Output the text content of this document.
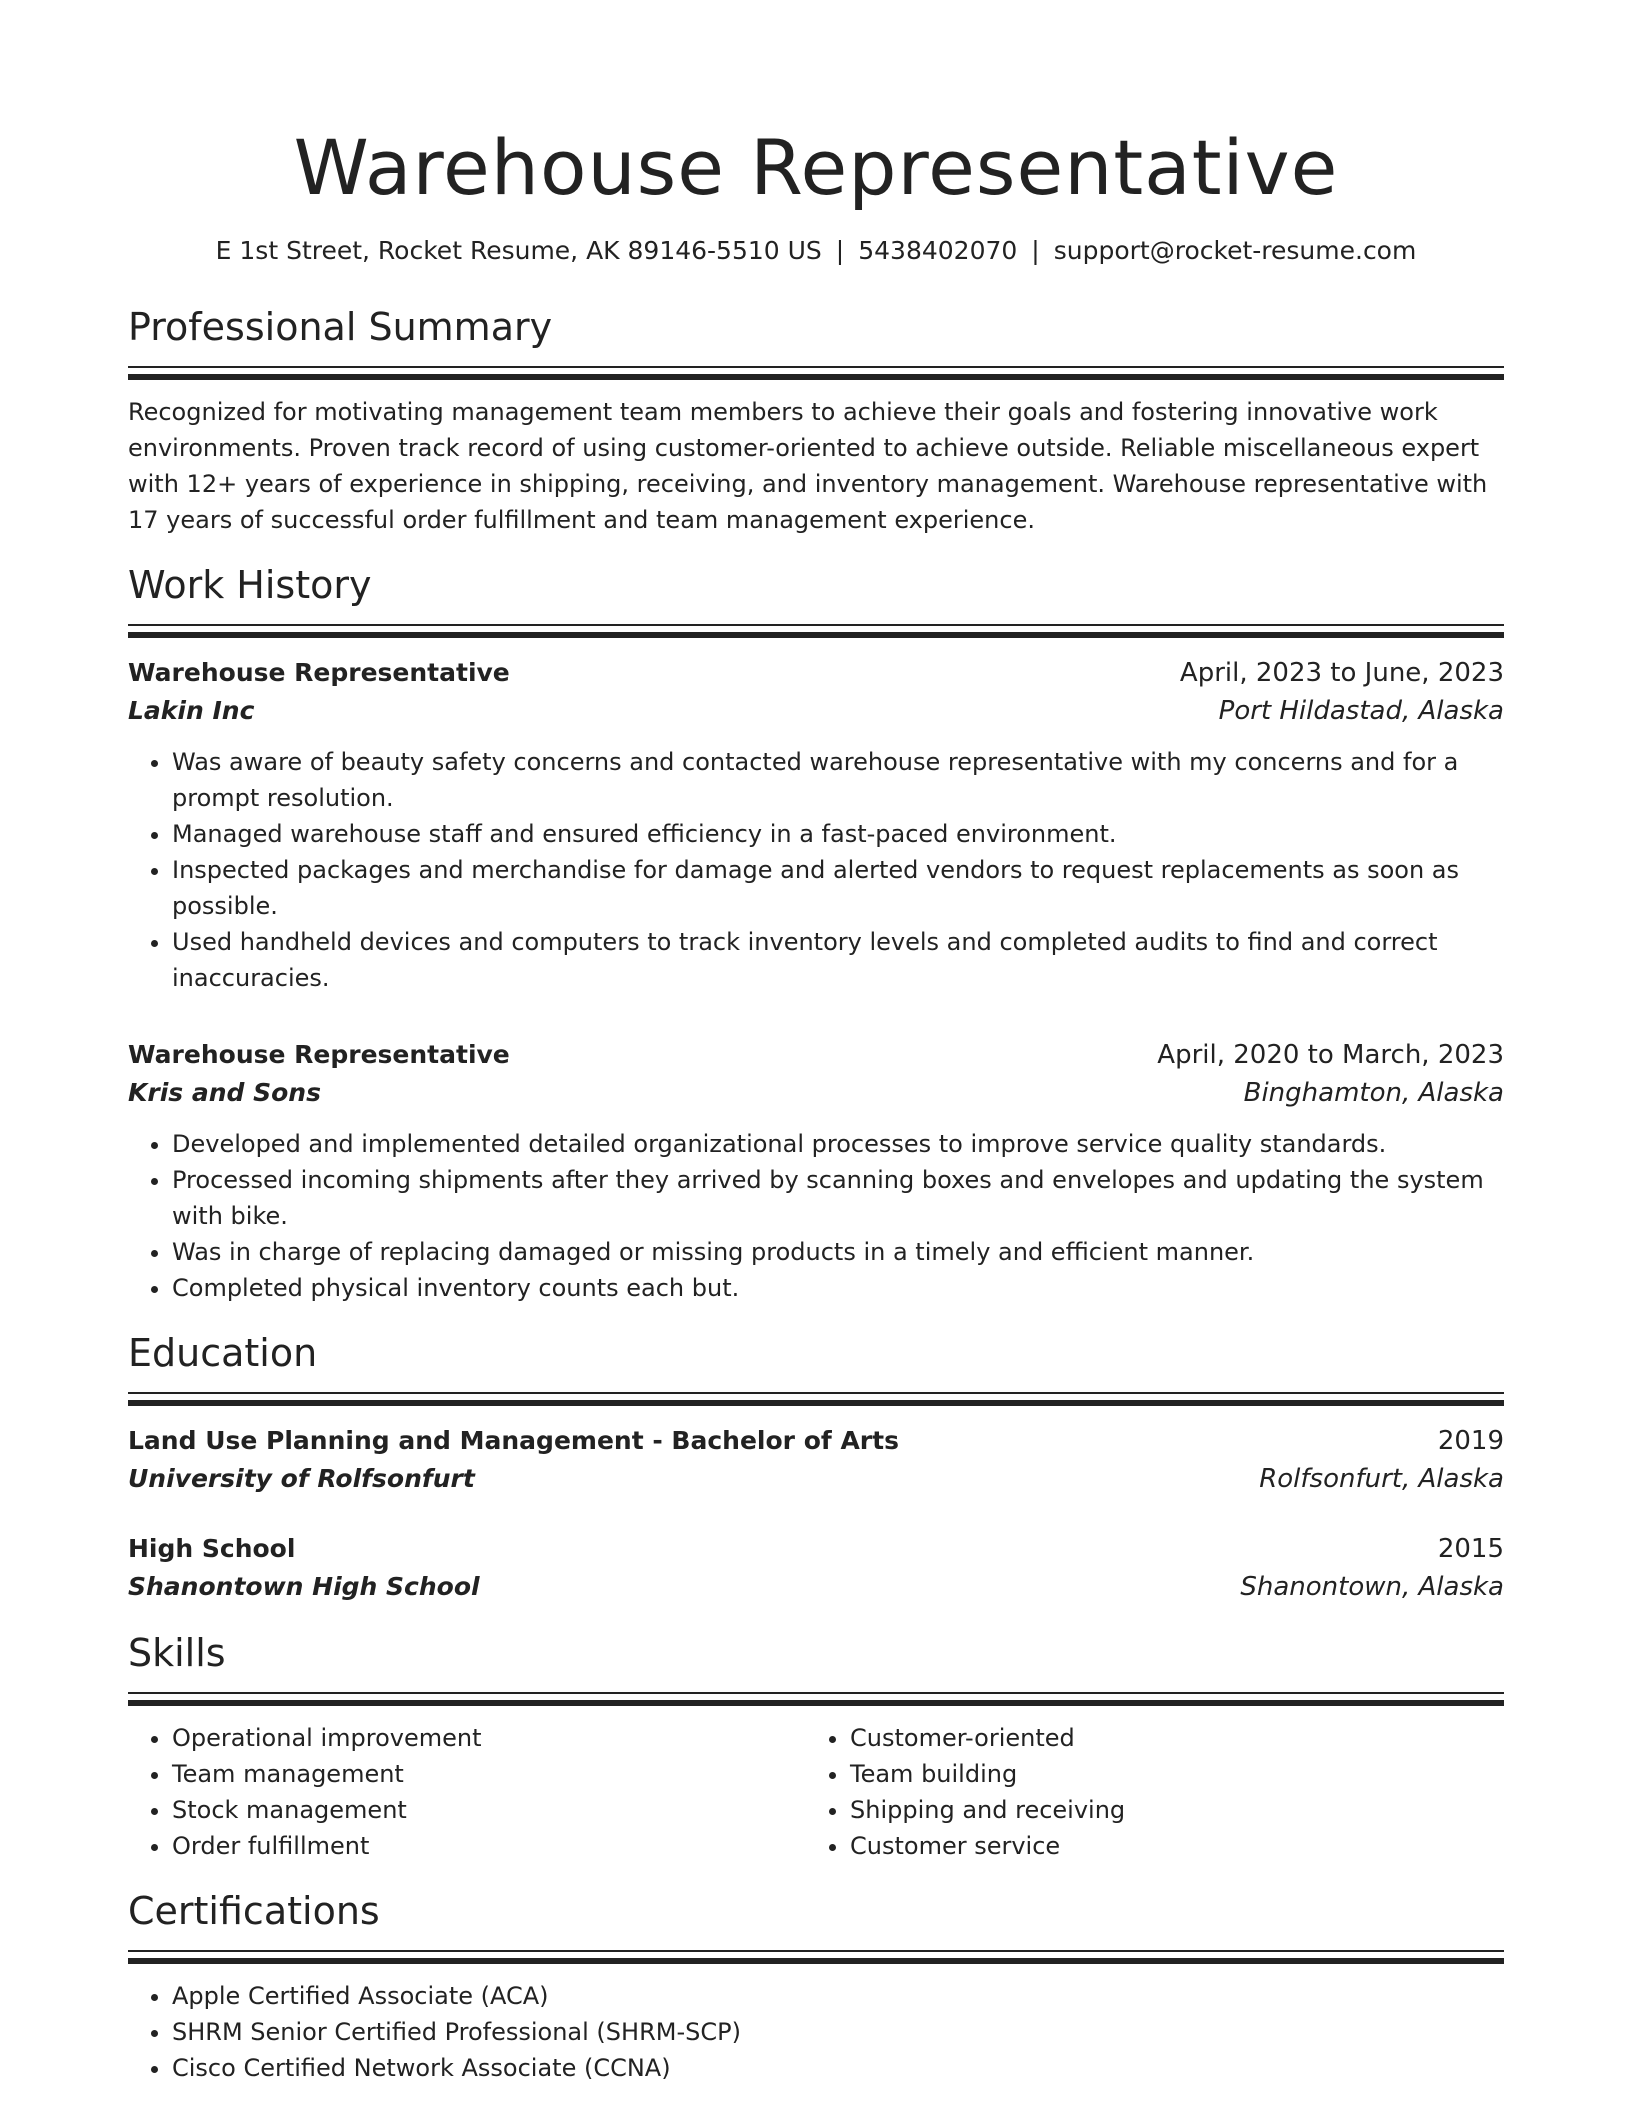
Warehouse Representative
E 1st Street, Rocket Resume, AK 89146-5510 US | 5438402070 | support@rocket-resume.com
Professional Summary
Recognized for motivating management team members to achieve their goals and fostering innovative work environments. Proven track record of using customer-oriented to achieve outside. Reliable miscellaneous expert with 12+ years of experience in shipping, receiving, and inventory management. Warehouse representative with 17 years of successful order fulfillment and team management experience.
Work History
Warehouse Representative	April, 2023 to June, 2023
Lakin Inc	Port Hildastad, Alaska
• Was aware of beauty safety concerns and contacted warehouse representative with my concerns and for a prompt resolution.
• Managed warehouse staff and ensured efficiency in a fast-paced environment.
• Inspected packages and merchandise for damage and alerted vendors to request replacements as soon as possible.
• Used handheld devices and computers to track inventory levels and completed audits to find and correct inaccuracies.
Warehouse Representative	April, 2020 to March, 2023
Kris and Sons	Binghamton, Alaska
• Developed and implemented detailed organizational processes to improve service quality standards.
• Processed incoming shipments after they arrived by scanning boxes and envelopes and updating the system with bike.
• Was in charge of replacing damaged or missing products in a timely and efficient manner.
• Completed physical inventory counts each but.
Education
Land Use Planning and Management - Bachelor of Arts	2019
University of Rolfsonfurt	Rolfsonfurt, Alaska
High School	2015
Shanontown High School	Shanontown, Alaska
Skills
• Operational improvement
• Team management
• Stock management
• Order fulfillment
• Customer-oriented
• Team building
• Shipping and receiving
• Customer service
Certifications
• Apple Certified Associate (ACA)
• SHRM Senior Certified Professional (SHRM-SCP)
• Cisco Certified Network Associate (CCNA)
